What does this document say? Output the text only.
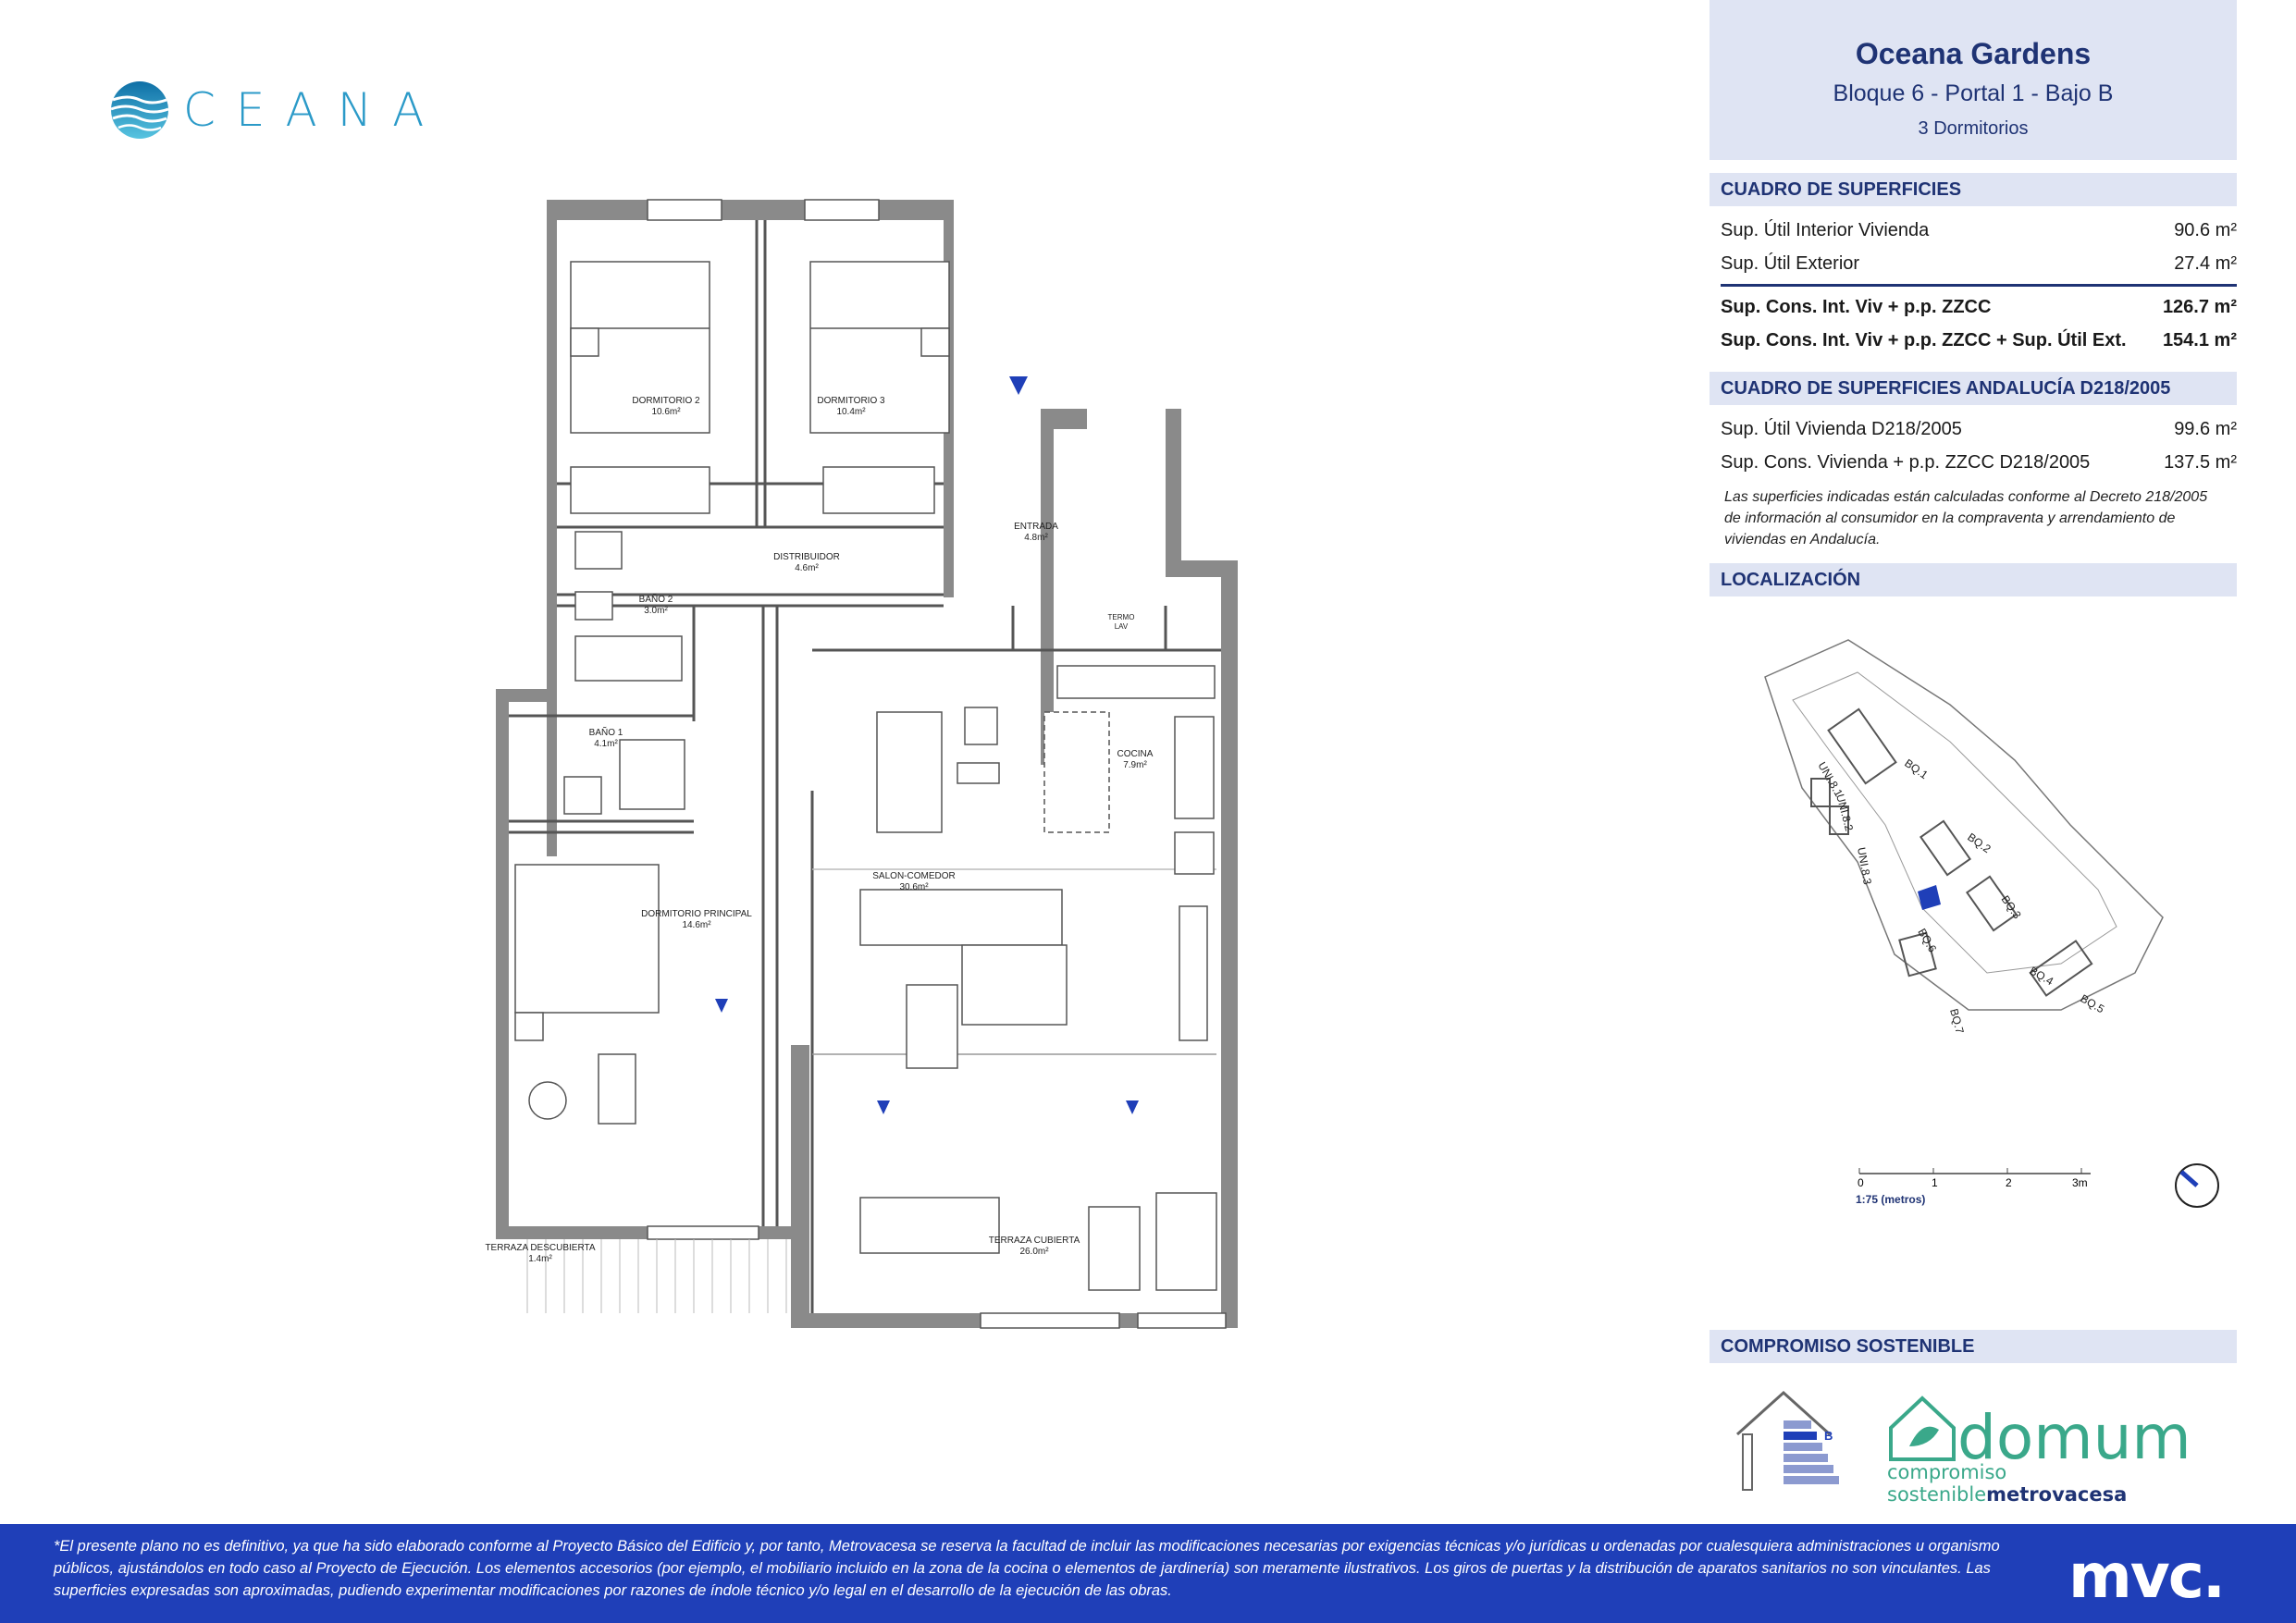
CEANA
DORMITORIO 2
10.6m²
DORMITORIO 3
10.4m²
DISTRIBUIDOR
4.6m²
ENTRADA
4.8m²
BAÑO 2
3.0m²
BAÑO 1
4.1m²
COCINA
7.9m²
TERMO
LAV
SALON-COMEDOR
30.6m²
DORMITORIO PRINCIPAL
14.6m²
TERRAZA DESCUBIERTA
1.4m²
TERRAZA CUBIERTA
26.0m²
Oceana Gardens
Bloque 6 - Portal 1 - Bajo B
3 Dormitorios
CUADRO DE SUPERFICIES
Sup. Útil Interior Vivienda	90.6 m²
Sup. Útil Exterior	27.4 m²
Sup. Cons. Int. Viv + p.p. ZZCC	126.7 m²
Sup. Cons. Int. Viv + p.p. ZZCC + Sup. Útil Ext. 154.1 m²
CUADRO DE SUPERFICIES ANDALUCÍA D218/2005
Sup. Útil Vivienda D218/2005	99.6 m²
Sup. Cons. Vivienda + p.p. ZZCC D218/2005	137.5 m²
Las superficies indicadas están calculadas conforme al Decreto 218/2005 de información al consumidor en la compraventa y arrendamiento de viviendas en Andalucía.
LOCALIZACIÓN
BQ.1
BQ.2
BQ.3
BQ.4
BQ.5
BQ.6
BQ.7
UNI.8.1
UNI.8.2
UNI.8.3
0	1	2	3m
1:75 (metros)
COMPROMISO SOSTENIBLE
B domum
compromiso sosteniblemetrovacesa
*El presente plano no es definitivo, ya que ha sido elaborado conforme al Proyecto Básico del Edificio y, por tanto, Metrovacesa se reserva la facultad de incluir las modificaciones necesarias por exigencias técnicas y/o jurídicas u ordenadas por cualesquiera administraciones u organismo públicos, ajustándolos en todo caso al Proyecto de Ejecución. Los elementos accesorios (por ejemplo, el mobiliario incluido en la zona de la cocina o elementos de jardinería) son meramente ilustrativos. Los giros de puertas y la distribución de aparatos sanitarios no son vinculantes. Las superficies expresadas son aproximadas, pudiendo experimentar modificaciones por razones de índole técnico y/o legal en el desarrollo de la ejecución de las obras.	mvc.
